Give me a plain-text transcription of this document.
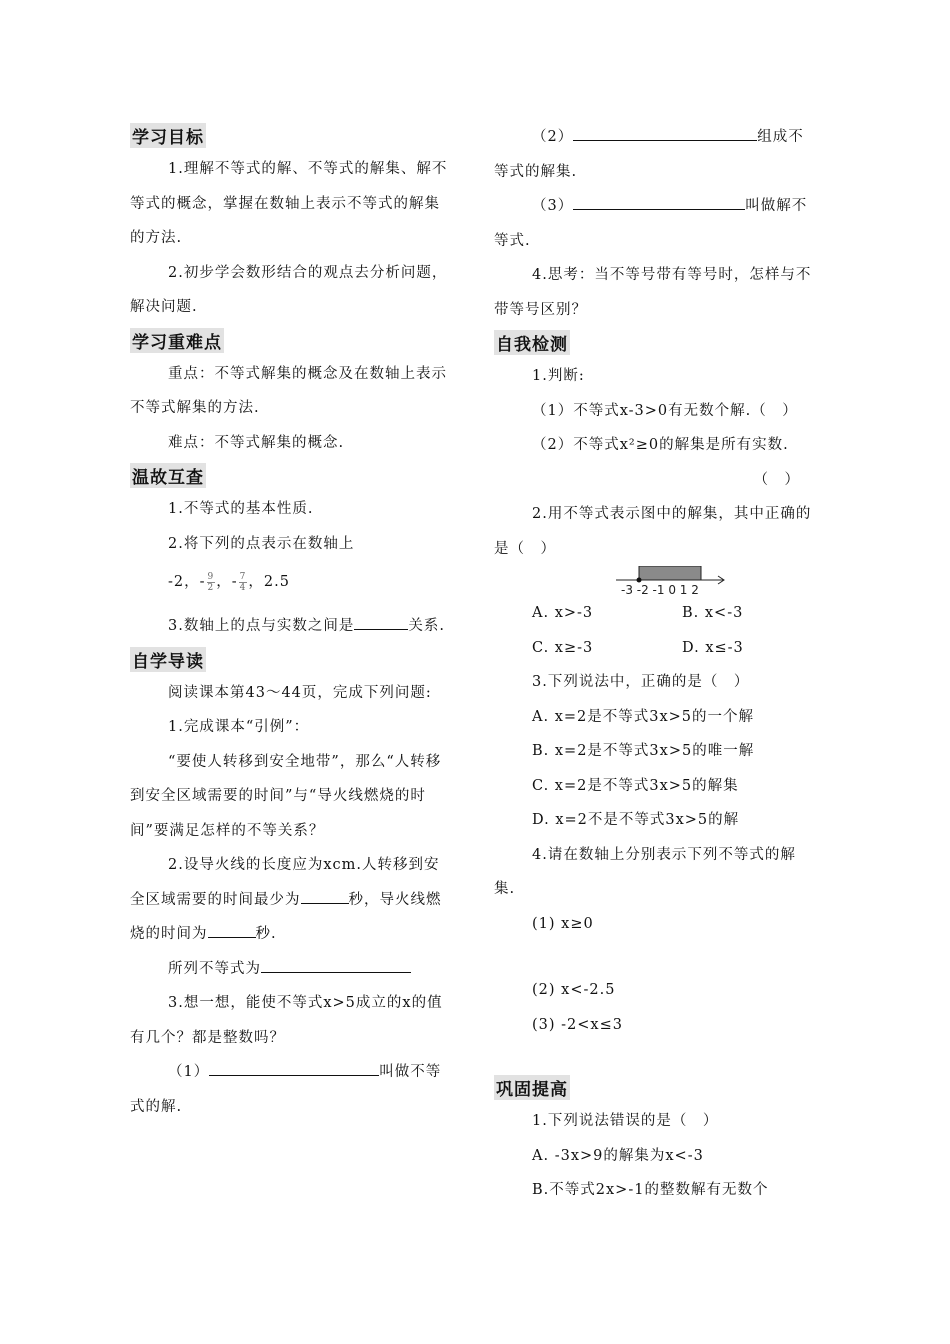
学习目标

1.理解不等式的解、不等式的解集、解不等式的概念，掌握在数轴上表示不等式的解集的方法.

2.初步学会数形结合的观点去分析问题，解决问题.

学习重难点

重点：不等式解集的概念及在数轴上表示不等式解集的方法.

难点：不等式解集的概念.

温故互查

1.不等式的基本性质.

2.将下列的点表示在数轴上

-2，- $\frac{9}{2}$ ，- $\frac{7}{4}$ ，2.5

3.数轴上的点与实数之间是	关系.

自学导读

阅读课本第43～44页，完成下列问题:

1.完成课本“引例”：

“要使人转移到安全地带”，那么“人转移到安全区域需要的时间”与“导火线燃烧的时间”要满足怎样的不等关系？

2.设导火线的长度应为xcm.人转移到安全区域需要的时间最少为	秒，导火线燃烧的时间为	秒.

所列不等式为

3.想一想，能使不等式x>5成立的x的值有几个？都是整数吗？

（1）	叫做不等式的解.

（2）	组成不等式的解集.

（3）	叫做解不等式.

4.思考：当不等号带有等号时，怎样与不带等号区别？

自我检测

1.判断:

（1）不等式x-3>0有无数个解.（　）

（2）不等式x²≥0的解集是所有实数.

（　）

2.用不等式表示图中的解集，其中正确的是（　）

-3 -2 -1 0 1 2

A. x>-3	B. x<-3

C. x≥-3	D. x≤-3

3.下列说法中，正确的是（　）

A. x=2是不等式3x>5的一个解

B. x=2是不等式3x>5的唯一解

C. x=2是不等式3x>5的解集

D. x=2不是不等式3x>5的解

4.请在数轴上分别表示下列不等式的解集.

(1) x≥0

(2) x<-2.5

(3) -2<x≤3

巩固提高

1.下列说法错误的是（　）

A. -3x>9的解集为x<-3

B.不等式2x>-1的整数解有无数个
